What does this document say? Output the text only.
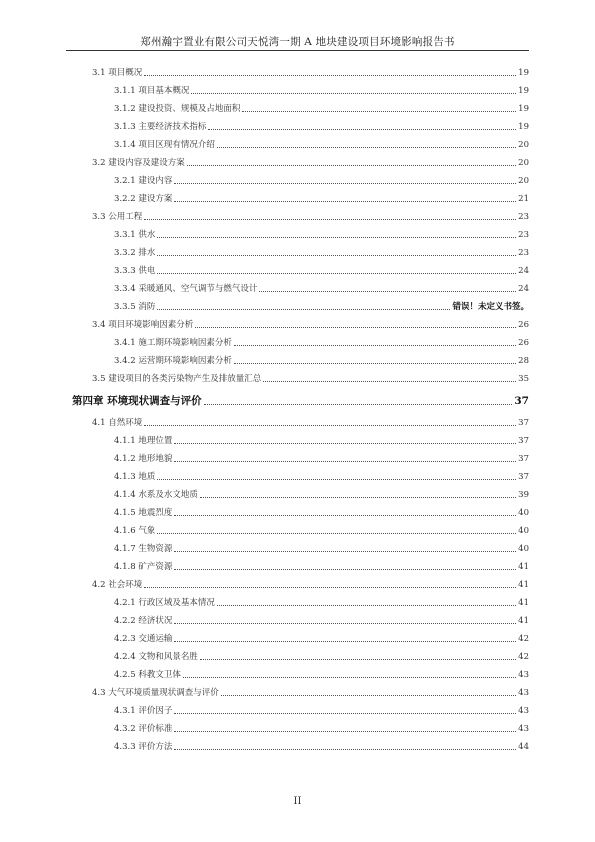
郑州瀚宇置业有限公司天悦湾一期 A 地块建设项目环境影响报告书
3.1 项目概况	19
3.1.1 项目基本概况	19
3.1.2 建设投资、规模及占地面积	19
3.1.3 主要经济技术指标	19
3.1.4 项目区现有情况介绍	20
3.2 建设内容及建设方案	20
3.2.1 建设内容	20
3.2.2 建设方案	21
3.3 公用工程	23
3.3.1 供水	23
3.3.2 排水	23
3.3.3 供电	24
3.3.4 采暖通风、空气调节与燃气设计	24
3.3.5 消防	错误！未定义书签。
3.4 项目环境影响因素分析	26
3.4.1 施工期环境影响因素分析	26
3.4.2 运营期环境影响因素分析	28
3.5 建设项目的各类污染物产生及排放量汇总	35
第四章 环境现状调查与评价	37
4.1 自然环境	37
4.1.1 地理位置	37
4.1.2 地形地貌	37
4.1.3 地质	37
4.1.4 水系及水文地质	39
4.1.5 地震烈度	40
4.1.6 气象	40
4.1.7 生物资源	40
4.1.8 矿产资源	41
4.2 社会环境	41
4.2.1 行政区域及基本情况	41
4.2.2 经济状况	41
4.2.3 交通运输	42
4.2.4 文物和风景名胜	42
4.2.5 科教文卫体	43
4.3 大气环境质量现状调查与评价	43
4.3.1 评价因子	43
4.3.2 评价标准	43
4.3.3 评价方法	44
II
